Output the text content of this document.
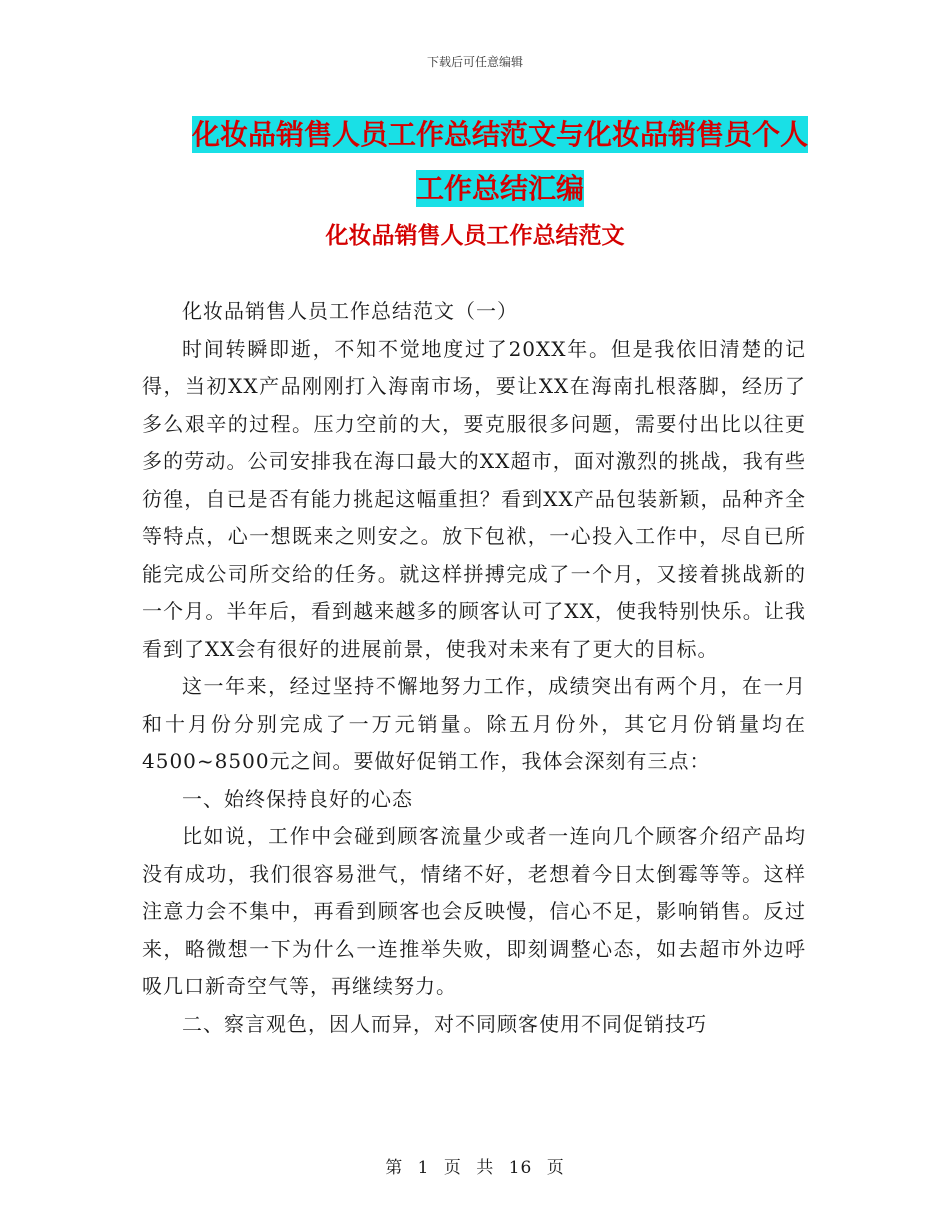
下载后可任意编辑
化妆品销售人员工作总结范文与化妆品销售员个人工作总结汇编
化妆品销售人员工作总结范文

化妆品销售人员工作总结范文（一）

时间转瞬即逝，不知不觉地度过了20XX年。但是我依旧清楚的记得，当初XX产品刚刚打入海南市场，要让XX在海南扎根落脚，经历了多么艰辛的过程。压力空前的大，要克服很多问题，需要付出比以往更多的劳动。公司安排我在海口最大的XX超市，面对激烈的挑战，我有些彷徨，自已是否有能力挑起这幅重担？看到XX产品包装新颖，品种齐全等特点，心一想既来之则安之。放下包袱，一心投入工作中，尽自已所能完成公司所交给的任务。就这样拼搏完成了一个月，又接着挑战新的一个月。半年后，看到越来越多的顾客认可了XX，使我特别快乐。让我看到了XX会有很好的进展前景，使我对未来有了更大的目标。

这一年来，经过坚持不懈地努力工作，成绩突出有两个月，在一月和十月份分别完成了一万元销量。除五月份外，其它月份销量均在4500~8500元之间。要做好促销工作，我体会深刻有三点：

一、始终保持良好的心态

比如说，工作中会碰到顾客流量少或者一连向几个顾客介绍产品均没有成功，我们很容易泄气，情绪不好，老想着今日太倒霉等等。这样注意力会不集中，再看到顾客也会反映慢，信心不足，影响销售。反过来，略微想一下为什么一连推举失败，即刻调整心态，如去超市外边呼吸几口新奇空气等，再继续努力。

二、察言观色，因人而异，对不同顾客使用不同促销技巧

第 1 页 共 16 页
